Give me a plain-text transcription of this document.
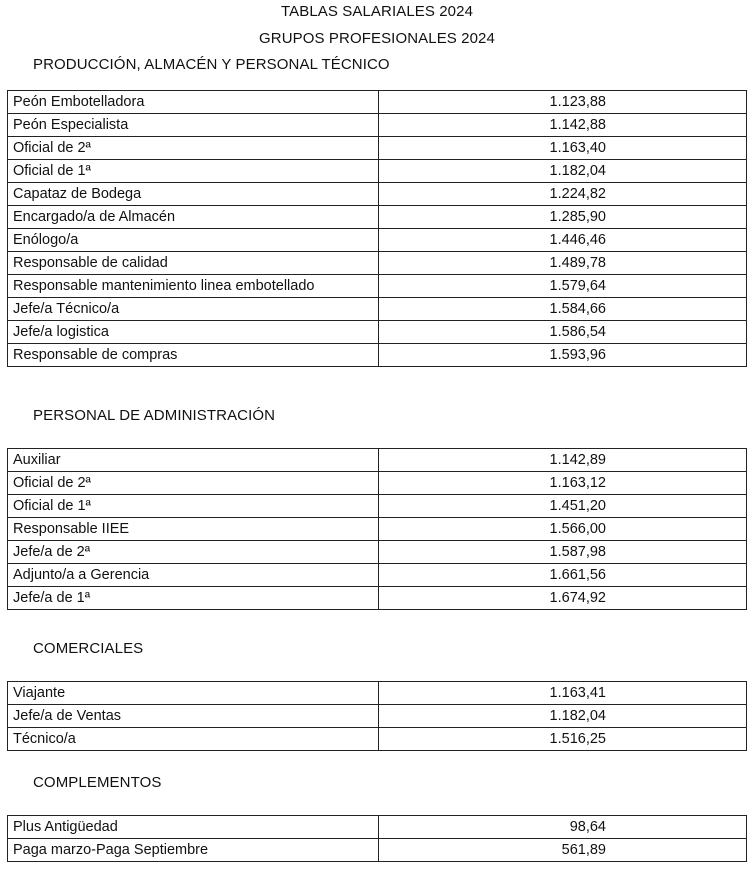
TABLAS SALARIALES 2024
GRUPOS PROFESIONALES 2024
PRODUCCIÓN, ALMACÉN Y PERSONAL TÉCNICO
Peón Embotelladora	1.123,88
Peón Especialista	1.142,88
Oficial de 2ª	1.163,40
Oficial de 1ª	1.182,04
Capataz de Bodega	1.224,82
Encargado/a de Almacén	1.285,90
Enólogo/a	1.446,46
Responsable de calidad	1.489,78
Responsable mantenimiento linea embotellado	1.579,64
Jefe/a Técnico/a	1.584,66
Jefe/a logistica	1.586,54
Responsable de compras	1.593,96
PERSONAL DE ADMINISTRACIÓN
Auxiliar	1.142,89
Oficial de 2ª	1.163,12
Oficial de 1ª	1.451,20
Responsable IIEE	1.566,00
Jefe/a de 2ª	1.587,98
Adjunto/a a Gerencia	1.661,56
Jefe/a de 1ª	1.674,92
COMERCIALES
Viajante	1.163,41
Jefe/a de Ventas	1.182,04
Técnico/a	1.516,25
COMPLEMENTOS
Plus Antigüedad	98,64
Paga marzo-Paga Septiembre	561,89
